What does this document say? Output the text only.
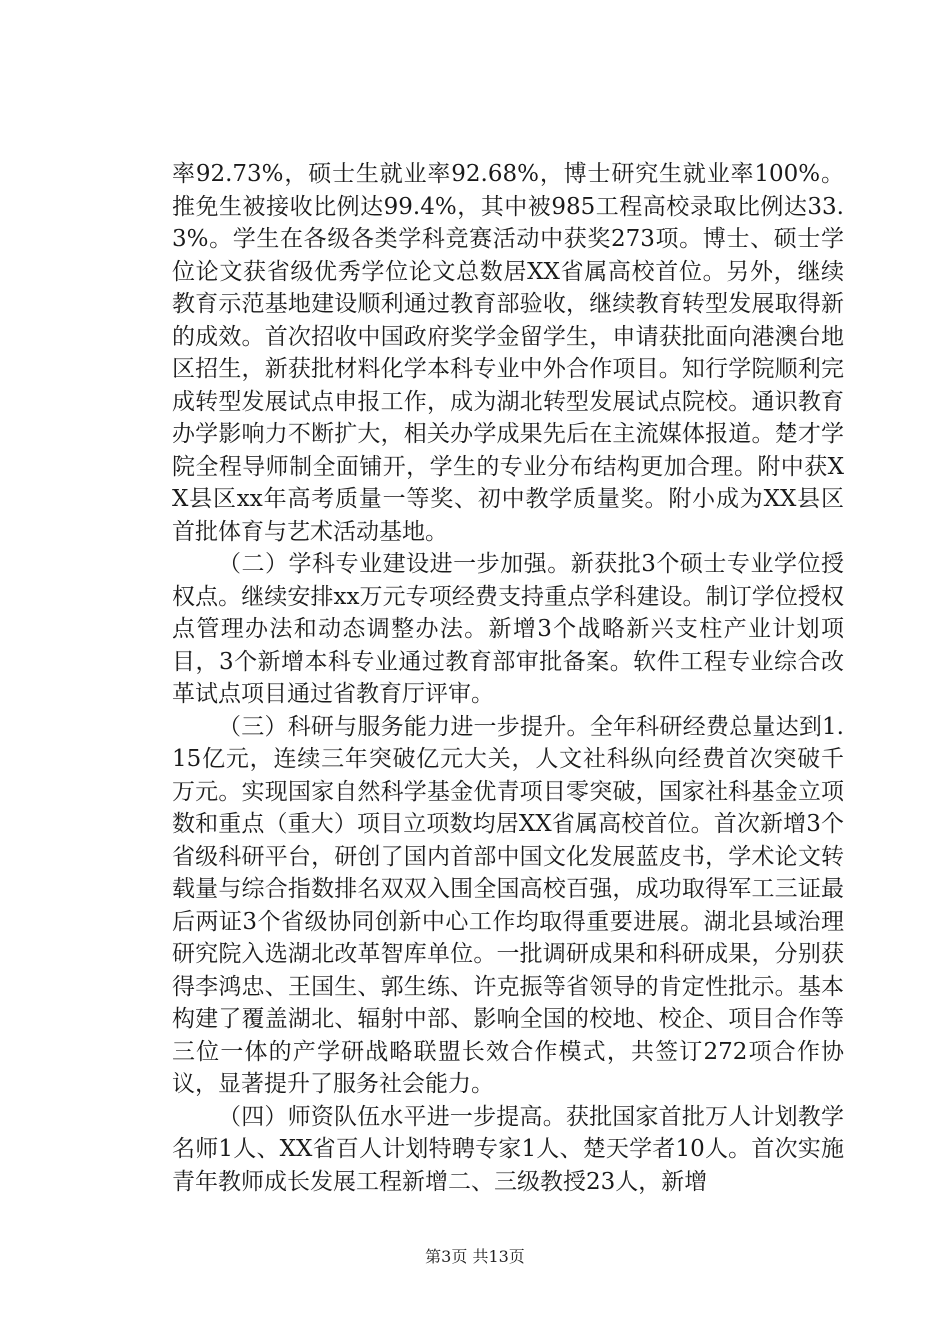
率92.73%，硕士生就业率92.68%，博士研究生就业率100%。推免生被接收比例达99.4%，其中被985工程高校录取比例达33.3%。学生在各级各类学科竞赛活动中获奖273项。博士、硕士学位论文获省级优秀学位论文总数居XX省属高校首位。另外，继续教育示范基地建设顺利通过教育部验收，继续教育转型发展取得新的成效。首次招收中国政府奖学金留学生，申请获批面向港澳台地区招生，新获批材料化学本科专业中外合作项目。知行学院顺利完成转型发展试点申报工作，成为湖北转型发展试点院校。通识教育办学影响力不断扩大，相关办学成果先后在主流媒体报道。楚才学院全程导师制全面铺开，学生的专业分布结构更加合理。附中获XX县区xx年高考质量一等奖、初中教学质量奖。附小成为XX县区首批体育与艺术活动基地。

（二）学科专业建设进一步加强。新获批3个硕士专业学位授权点。继续安排xx万元专项经费支持重点学科建设。制订学位授权点管理办法和动态调整办法。新增3个战略新兴支柱产业计划项目，3个新增本科专业通过教育部审批备案。软件工程专业综合改革试点项目通过省教育厅评审。

（三）科研与服务能力进一步提升。全年科研经费总量达到1.15亿元，连续三年突破亿元大关，人文社科纵向经费首次突破千万元。实现国家自然科学基金优青项目零突破，国家社科基金立项数和重点（重大）项目立项数均居XX省属高校首位。首次新增3个省级科研平台，研创了国内首部中国文化发展蓝皮书，学术论文转载量与综合指数排名双双入围全国高校百强，成功取得军工三证最后两证3个省级协同创新中心工作均取得重要进展。湖北县域治理研究院入选湖北改革智库单位。一批调研成果和科研成果，分别获得李鸿忠、王国生、郭生练、许克振等省领导的肯定性批示。基本构建了覆盖湖北、辐射中部、影响全国的校地、校企、项目合作等三位一体的产学研战略联盟长效合作模式，共签订272项合作协议，显著提升了服务社会能力。

（四）师资队伍水平进一步提高。获批国家首批万人计划教学名师1人、XX省百人计划特聘专家1人、楚天学者10人。首次实施青年教师成长发展工程新增二、三级教授23人，新增

第3页 共13页
